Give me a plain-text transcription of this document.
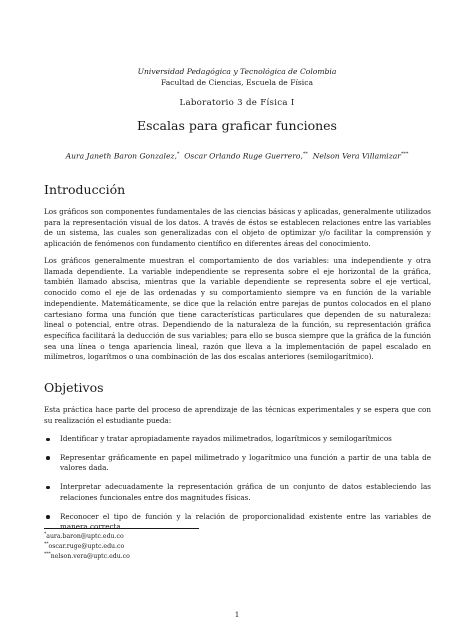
Universidad Pedagógica y Tecnológica de Colombia
Facultad de Ciencias, Escuela de Física
Laboratorio 3 de Física I
Escalas para graficar funciones
Aura Janeth Baron Gonzalez,* Oscar Orlando Ruge Guerrero,** Nelson Vera Villamizar***
Introducción

Los gráficos son componentes fundamentales de las ciencias básicas y aplicadas, generalmente utilizados para la representación visual de los datos. A través de éstos se establecen relaciones entre las variables de un sistema, las cuales son generalizadas con el objeto de optimizar y/o facilitar la comprensión y aplicación de fenómenos con fundamento científico en diferentes áreas del conocimiento.

Los gráficos generalmente muestran el comportamiento de dos variables: una independiente y otra llamada dependiente. La variable independiente se representa sobre el eje horizontal de la gráfica, también llamado abscisa, mientras que la variable dependiente se representa sobre el eje vertical, conocido como el eje de las ordenadas y su comportamiento siempre va en función de la variable independiente. Matemáticamente, se dice que la relación entre parejas de puntos colocados en el plano cartesiano forma una función que tiene características particulares que dependen de su naturaleza: lineal o potencial, entre otras. Dependiendo de la naturaleza de la función, su representación gráfica específica facilitará la deducción de sus variables; para ello se busca siempre que la gráfica de la función sea una línea o tenga apariencia lineal, razón que lleva a la implementación de papel escalado en milímetros, logarítmos o una combinación de las dos escalas anteriores (semilogarítmico).

Objetivos

Esta práctica hace parte del proceso de aprendizaje de las técnicas experimentales y se espera que con su realización el estudiante pueda:

Identificar y tratar apropiadamente rayados milimetrados, logarítmicos y semilogarítmicos
Representar gráficamente en papel milimetrado y logarítmico una función a partir de una tabla de valores dada.
Interpretar adecuadamente la representación gráfica de un conjunto de datos estableciendo las relaciones funcionales entre dos magnitudes físicas.
Reconocer el tipo de función y la relación de proporcionalidad existente entre las variables de manera correcta.
*aura.baron@uptc.edu.co
**oscar.ruge@uptc.edu.co
***nelson.vera@uptc.edu.co
1
